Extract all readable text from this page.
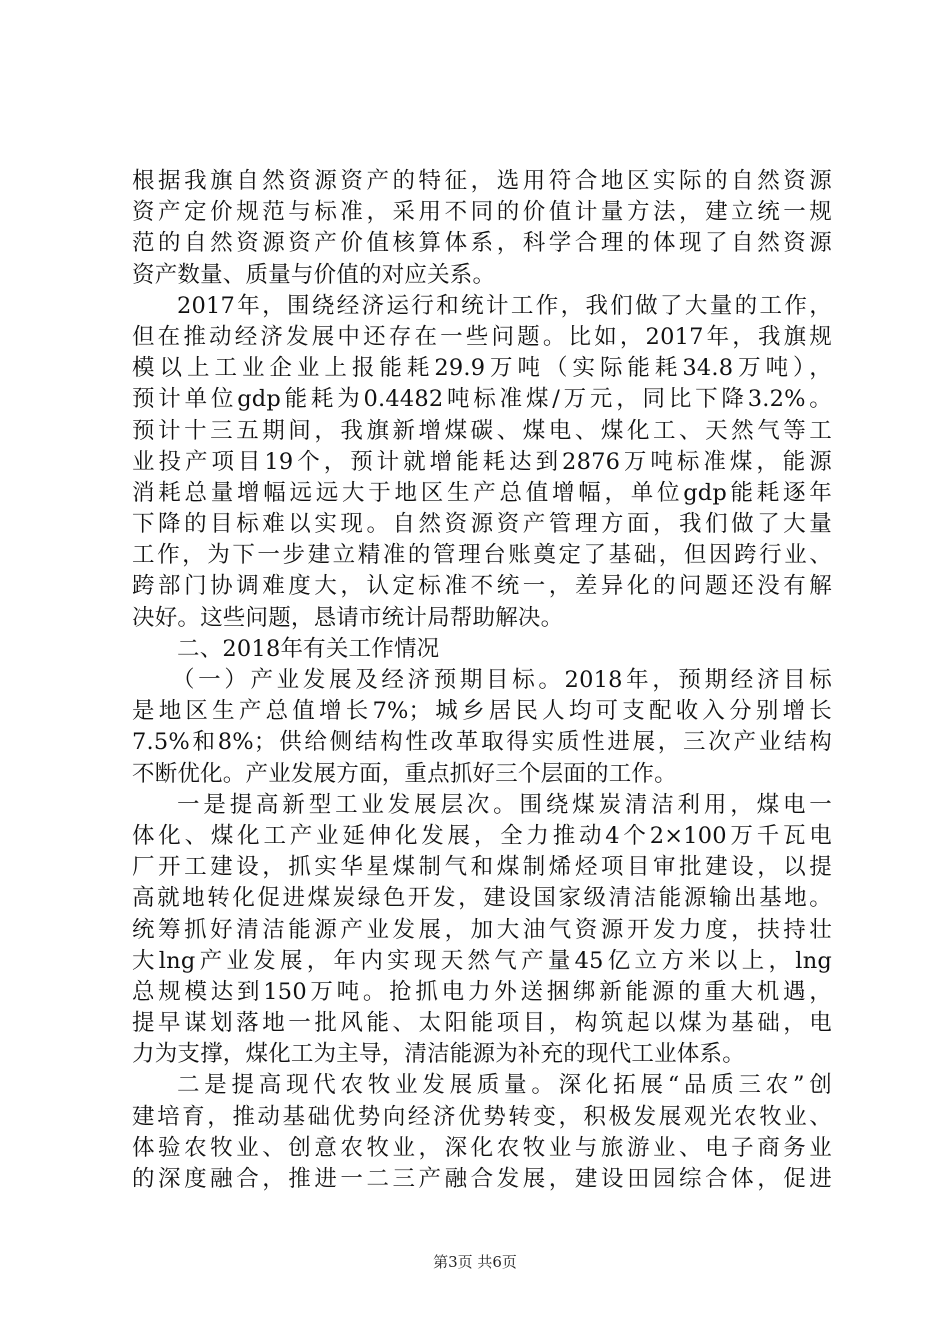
根据我旗自然资源资产的特征，选用符合地区实际的自然资源
资产定价规范与标准，采用不同的价值计量方法，建立统一规
范的自然资源资产价值核算体系，科学合理的体现了自然资源
资产数量、质量与价值的对应关系。
2017年，围绕经济运行和统计工作，我们做了大量的工作，
但在推动经济发展中还存在一些问题。比如，2017年，我旗规
模以上工业企业上报能耗29.9万吨（实际能耗34.8万吨），
预计单位gdp能耗为0.4482吨标准煤/万元，同比下降3.2%。
预计十三五期间，我旗新增煤碳、煤电、煤化工、天然气等工
业投产项目19个，预计就增能耗达到2876万吨标准煤，能源
消耗总量增幅远远大于地区生产总值增幅，单位gdp能耗逐年
下降的目标难以实现。自然资源资产管理方面，我们做了大量
工作，为下一步建立精准的管理台账奠定了基础，但因跨行业、
跨部门协调难度大，认定标准不统一，差异化的问题还没有解
决好。这些问题，恳请市统计局帮助解决。
二、2018年有关工作情况
（一）产业发展及经济预期目标。2018年，预期经济目标
是地区生产总值增长7%；城乡居民人均可支配收入分别增长
7.5%和8%；供给侧结构性改革取得实质性进展，三次产业结构
不断优化。产业发展方面，重点抓好三个层面的工作。
一是提高新型工业发展层次。围绕煤炭清洁利用，煤电一
体化、煤化工产业延伸化发展，全力推动4个2×100万千瓦电
厂开工建设，抓实华星煤制气和煤制烯烃项目审批建设，以提
高就地转化促进煤炭绿色开发，建设国家级清洁能源输出基地。
统筹抓好清洁能源产业发展，加大油气资源开发力度，扶持壮
大lng产业发展，年内实现天然气产量45亿立方米以上，lng
总规模达到150万吨。抢抓电力外送捆绑新能源的重大机遇，
提早谋划落地一批风能、太阳能项目，构筑起以煤为基础，电
力为支撑，煤化工为主导，清洁能源为补充的现代工业体系。
二是提高现代农牧业发展质量。深化拓展“品质三农”创
建培育，推动基础优势向经济优势转变，积极发展观光农牧业、
体验农牧业、创意农牧业，深化农牧业与旅游业、电子商务业
的深度融合，推进一二三产融合发展，建设田园综合体，促进
第3页 共6页
